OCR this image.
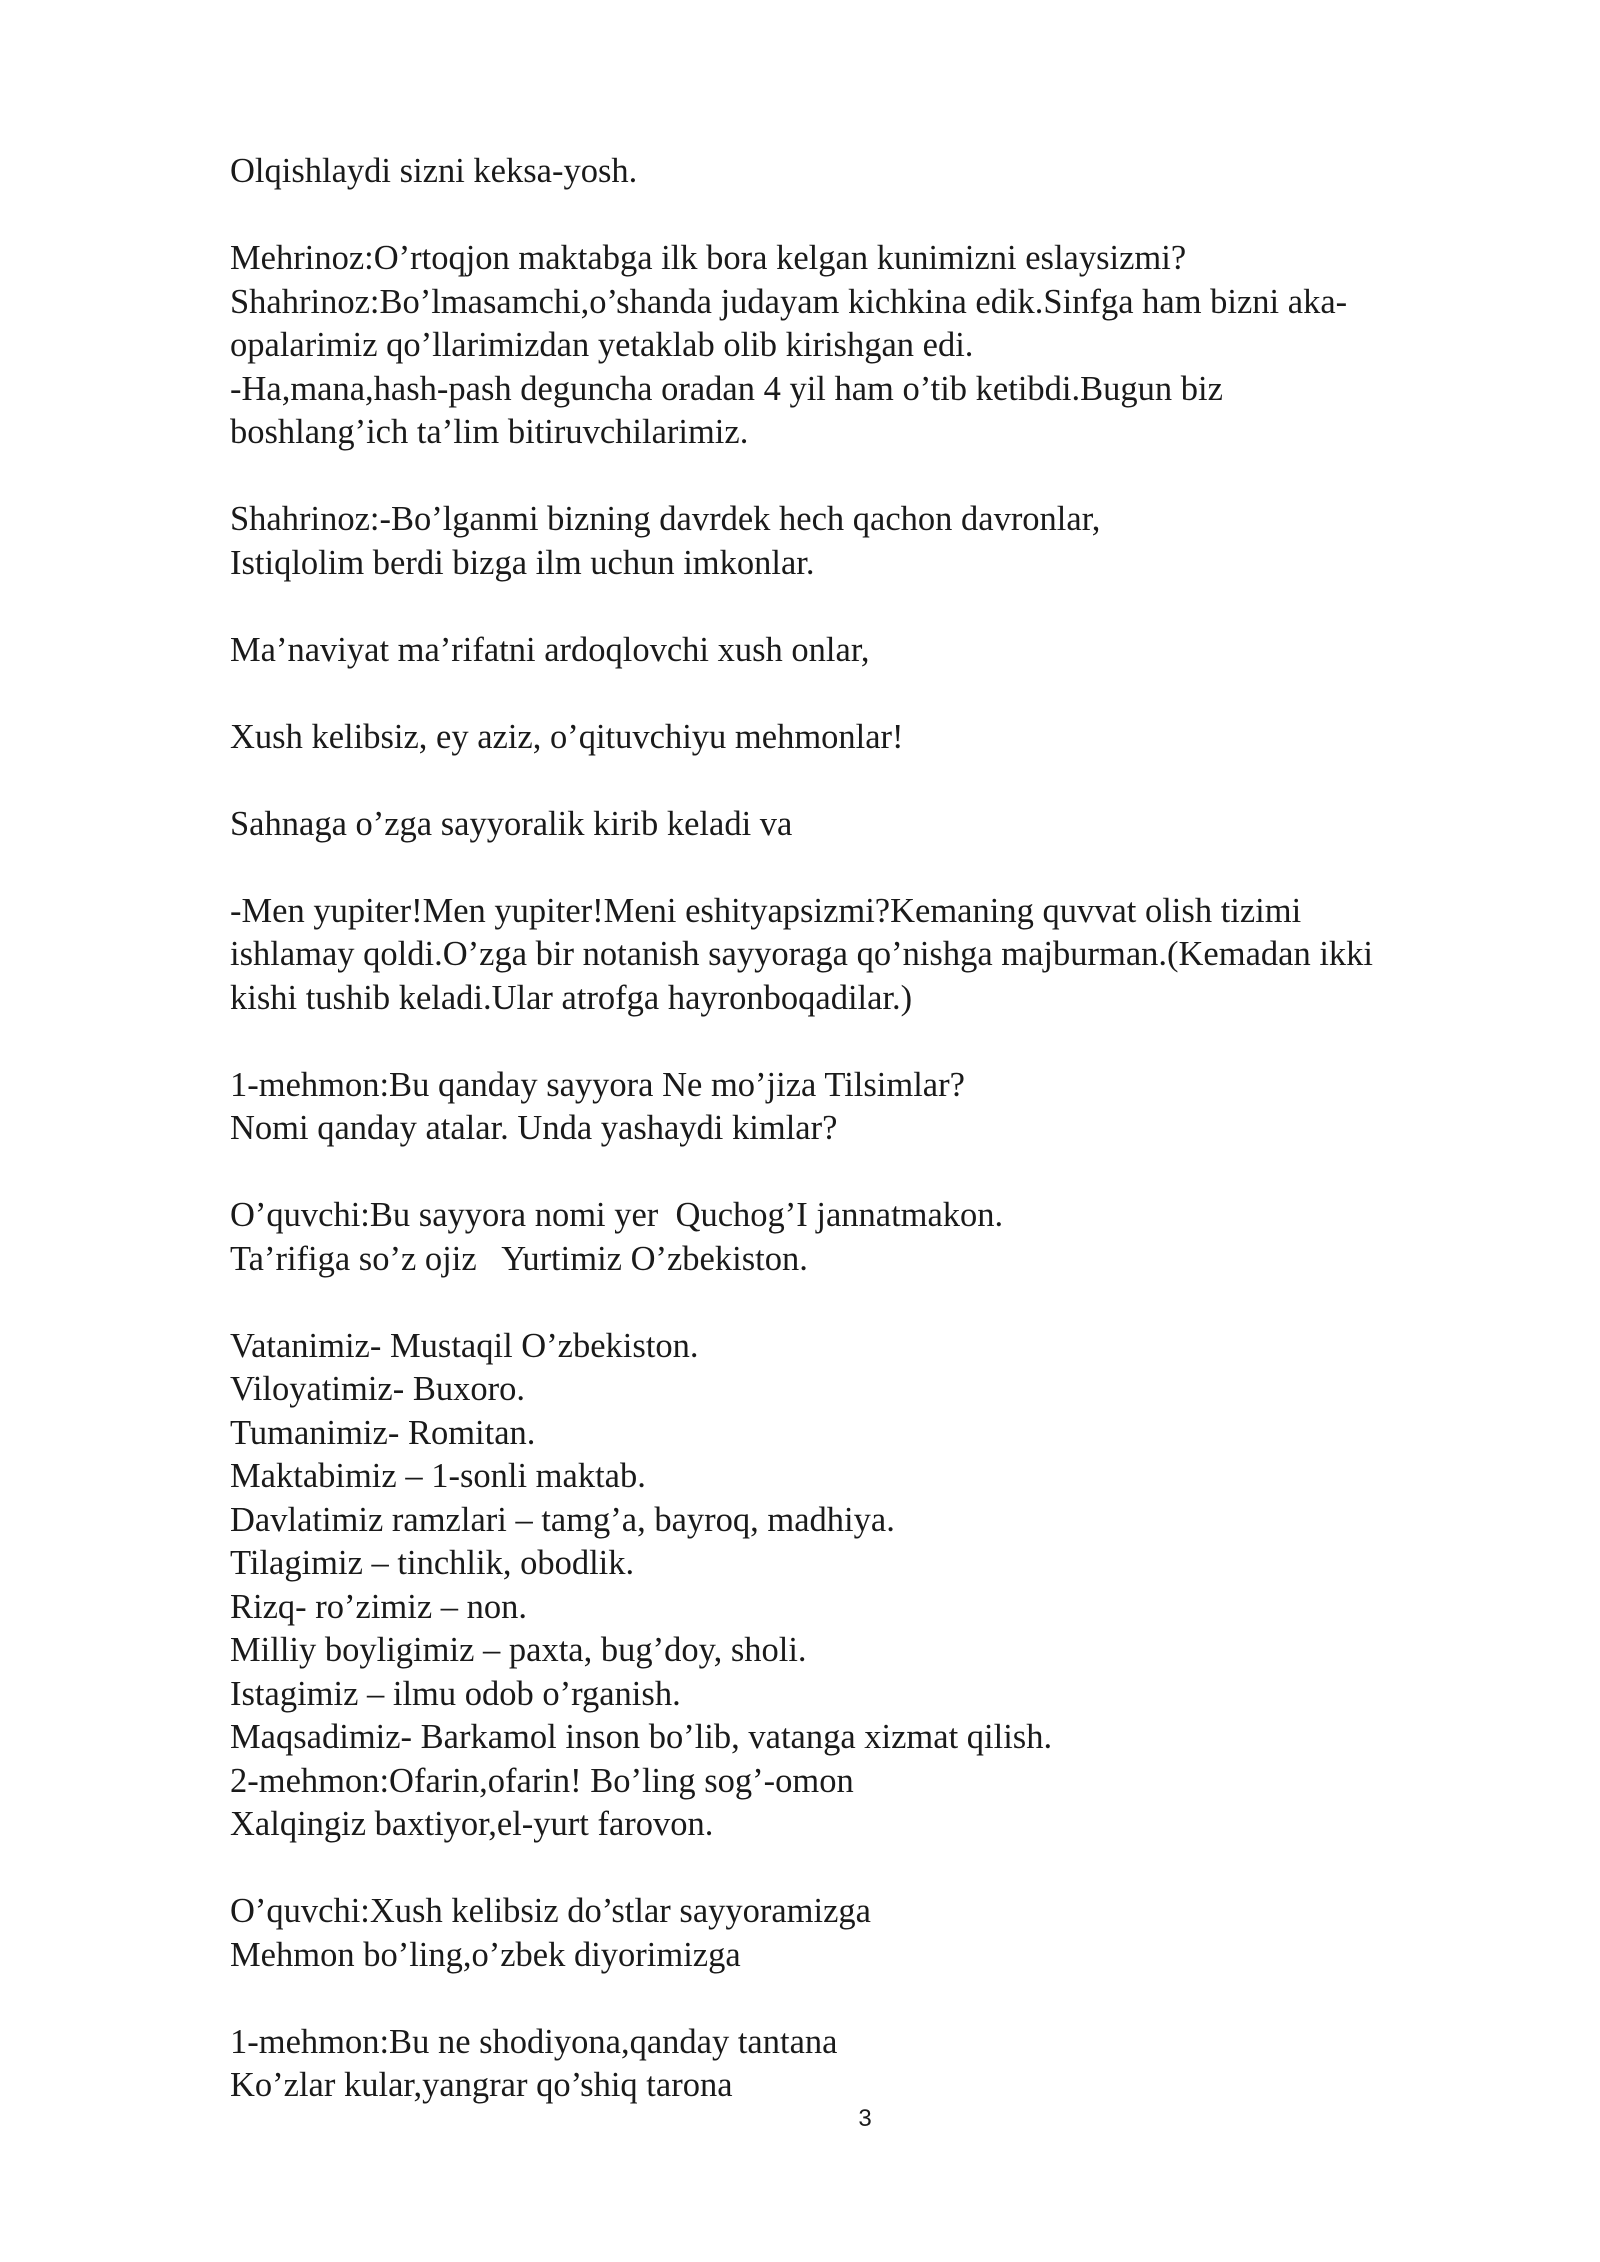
Olqishlaydi sizni keksa-yosh.
Mehrinoz:O’rtoqjon maktabga ilk bora kelgan kunimizni eslaysizmi?
Shahrinoz:Bo’lmasamchi,o’shanda judayam kichkina edik.Sinfga ham bizni aka-
opalarimiz qo’llarimizdan yetaklab olib kirishgan edi.
-Ha,mana,hash-pash deguncha oradan 4 yil ham o’tib ketibdi.Bugun biz
boshlang’ich ta’lim bitiruvchilarimiz.
Shahrinoz:-Bo’lganmi bizning davrdek hech qachon davronlar,
Istiqlolim berdi bizga ilm uchun imkonlar.
Ma’naviyat ma’rifatni ardoqlovchi xush onlar,
Xush kelibsiz, ey aziz, o’qituvchiyu mehmonlar!
Sahnaga o’zga sayyoralik kirib keladi va
-Men yupiter!Men yupiter!Meni eshityapsizmi?Kemaning quvvat olish tizimi
ishlamay qoldi.O’zga bir notanish sayyoraga qo’nishga majburman.(Kemadan ikki
kishi tushib keladi.Ular atrofga hayronboqadilar.)
1-mehmon:Bu qanday sayyora Ne mo’jiza Tilsimlar?
Nomi qanday atalar. Unda yashaydi kimlar?
O’quvchi:Bu sayyora nomi yer  Quchog’I jannatmakon.
Ta’rifiga so’z ojiz   Yurtimiz O’zbekiston.
Vatanimiz- Mustaqil O’zbekiston.
Viloyatimiz- Buxoro.
Tumanimiz- Romitan.
Maktabimiz – 1-sonli maktab.
Davlatimiz ramzlari – tamg’a, bayroq, madhiya.
Tilagimiz – tinchlik, obodlik.
Rizq- ro’zimiz – non.
Milliy boyligimiz – paxta, bug’doy, sholi.
Istagimiz – ilmu odob o’rganish.
Maqsadimiz- Barkamol inson bo’lib, vatanga xizmat qilish.
2-mehmon:Ofarin,ofarin! Bo’ling sog’-omon
Xalqingiz baxtiyor,el-yurt farovon.
O’quvchi:Xush kelibsiz do’stlar sayyoramizga
Mehmon bo’ling,o’zbek diyorimizga
1-mehmon:Bu ne shodiyona,qanday tantana
Ko’zlar kular,yangrar qo’shiq tarona
3
